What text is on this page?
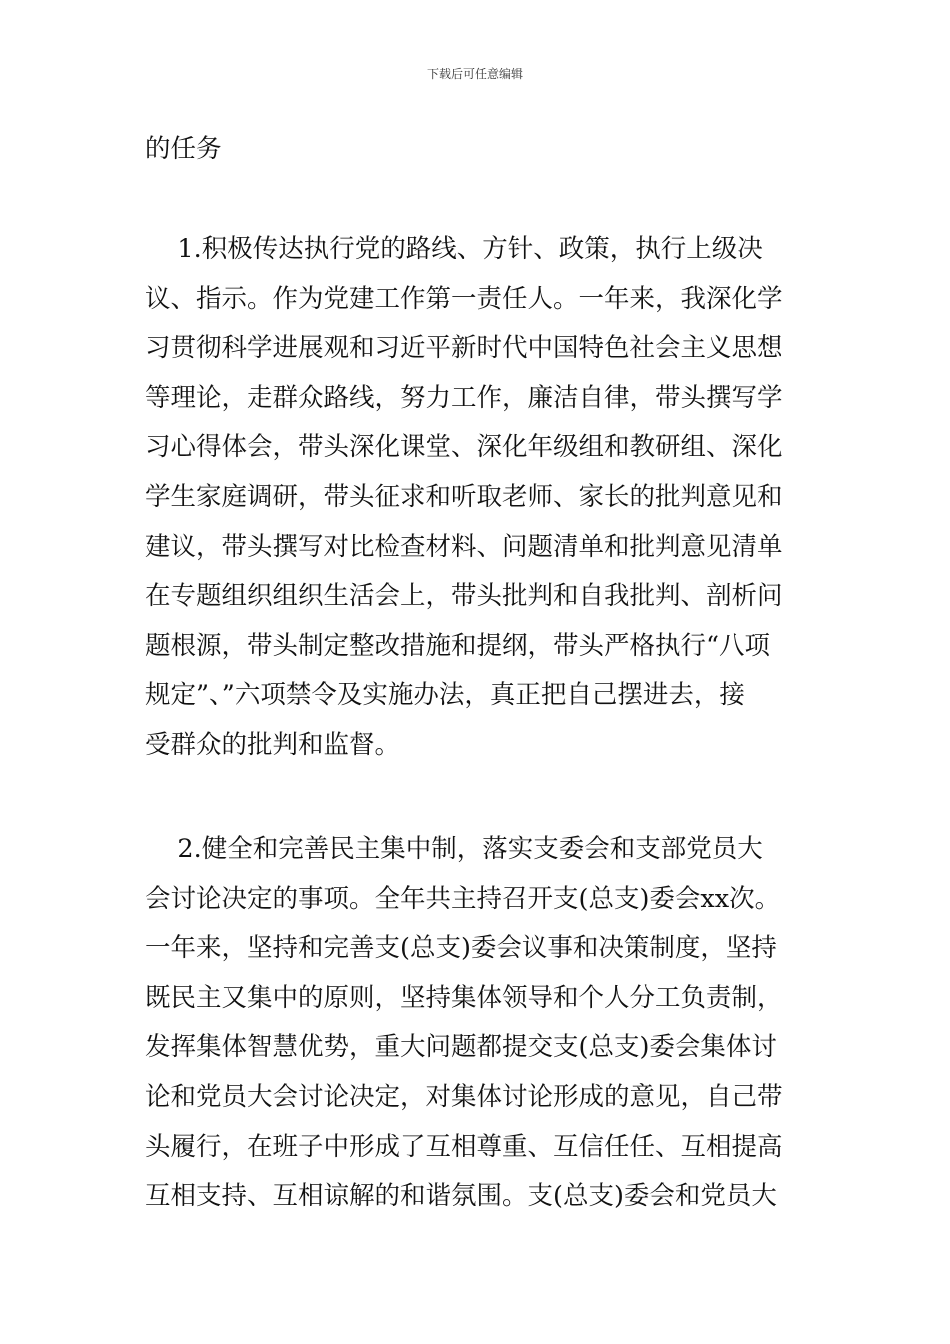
下载后可任意编辑
的任务
1.积极传达执行党的路线、方针、政策，执行上级决
议、指示。作为党建工作第一责任人。一年来，我深化学
习贯彻科学进展观和习近平新时代中国特色社会主义思想
等理论，走群众路线，努力工作，廉洁自律，带头撰写学
习心得体会，带头深化课堂、深化年级组和教研组、深化
学生家庭调研，带头征求和听取老师、家长的批判意见和
建议，带头撰写对比检查材料、问题清单和批判意见清单
在专题组织组织生活会上，带头批判和自我批判、剖析问
题根源，带头制定整改措施和提纲，带头严格执行“八项
规定”、”六项禁令及实施办法，真正把自己摆进去，接
受群众的批判和监督。
2.健全和完善民主集中制，落实支委会和支部党员大
会讨论决定的事项。全年共主持召开支(总支)委会xx次。
一年来，坚持和完善支(总支)委会议事和决策制度，坚持
既民主又集中的原则，坚持集体领导和个人分工负责制，
发挥集体智慧优势，重大问题都提交支(总支)委会集体讨
论和党员大会讨论决定，对集体讨论形成的意见，自己带
头履行，在班子中形成了互相尊重、互信任任、互相提高
互相支持、互相谅解的和谐氛围。支(总支)委会和党员大
